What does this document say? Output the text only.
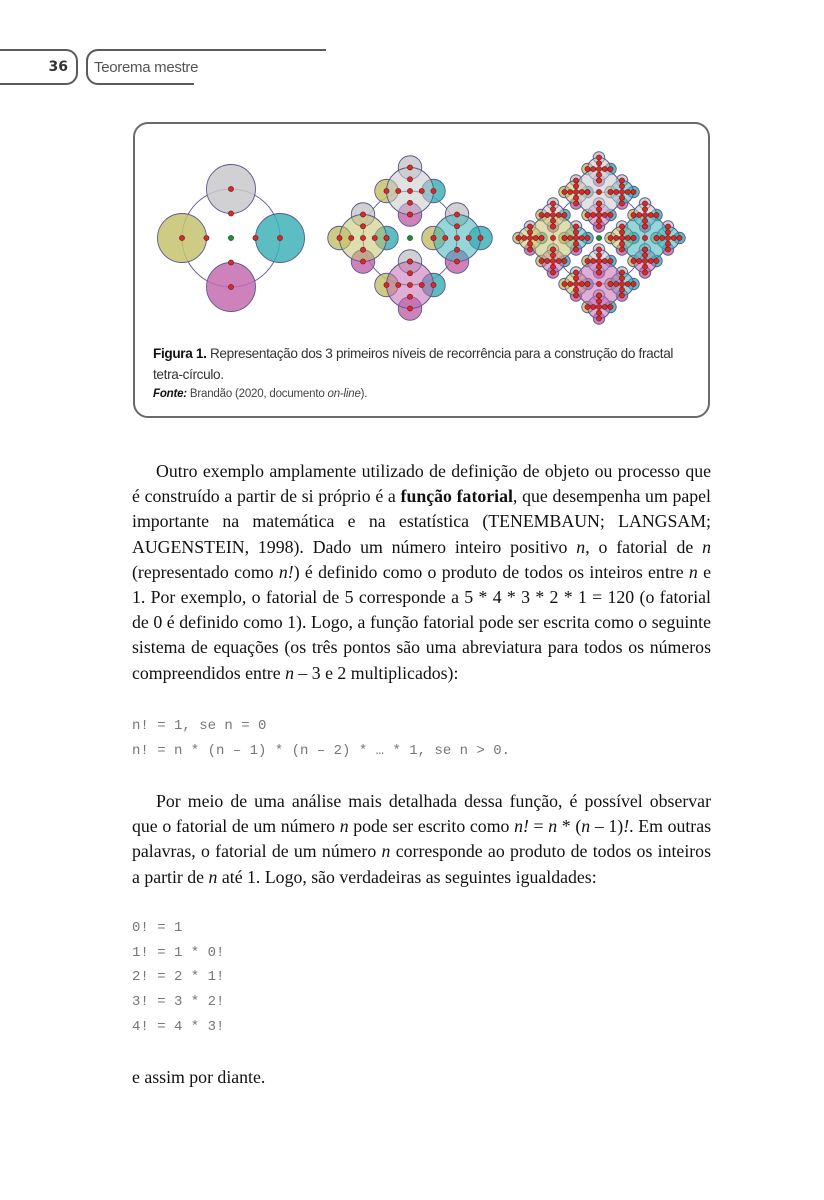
36 Teorema mestre
Figura 1. Representação dos 3 primeiros níveis de recorrência para a construção do fractal tetra-círculo.
Fonte: Brandão (2020, documento on-line).
Outro exemplo amplamente utilizado de definição de objeto ou processo que é construído a partir de si próprio é a função fatorial, que desempenha um papel importante na matemática e na estatística (TENEMBAUN; LANGSAM; AUGENSTEIN, 1998). Dado um número inteiro positivo n, o fatorial de n (representado como n!) é definido como o produto de todos os inteiros entre n e 1. Por exemplo, o fatorial de 5 corresponde a 5 * 4 * 3 * 2 * 1 = 120 (o fatorial de 0 é definido como 1). Logo, a função fatorial pode ser escrita como o seguinte sistema de equações (os três pontos são uma abreviatura para todos os números compreendidos entre n – 3 e 2 multiplicados):
n! = 1, se n = 0
n! = n * (n – 1) * (n – 2) * … * 1, se n > 0.
Por meio de uma análise mais detalhada dessa função, é possível observar que o fatorial de um número n pode ser escrito como n! = n * (n – 1)!. Em outras palavras, o fatorial de um número n corresponde ao produto de todos os inteiros a partir de n até 1. Logo, são verdadeiras as seguintes igualdades:
0! = 1
1! = 1 * 0!
2! = 2 * 1!
3! = 3 * 2!
4! = 4 * 3!
e assim por diante.
